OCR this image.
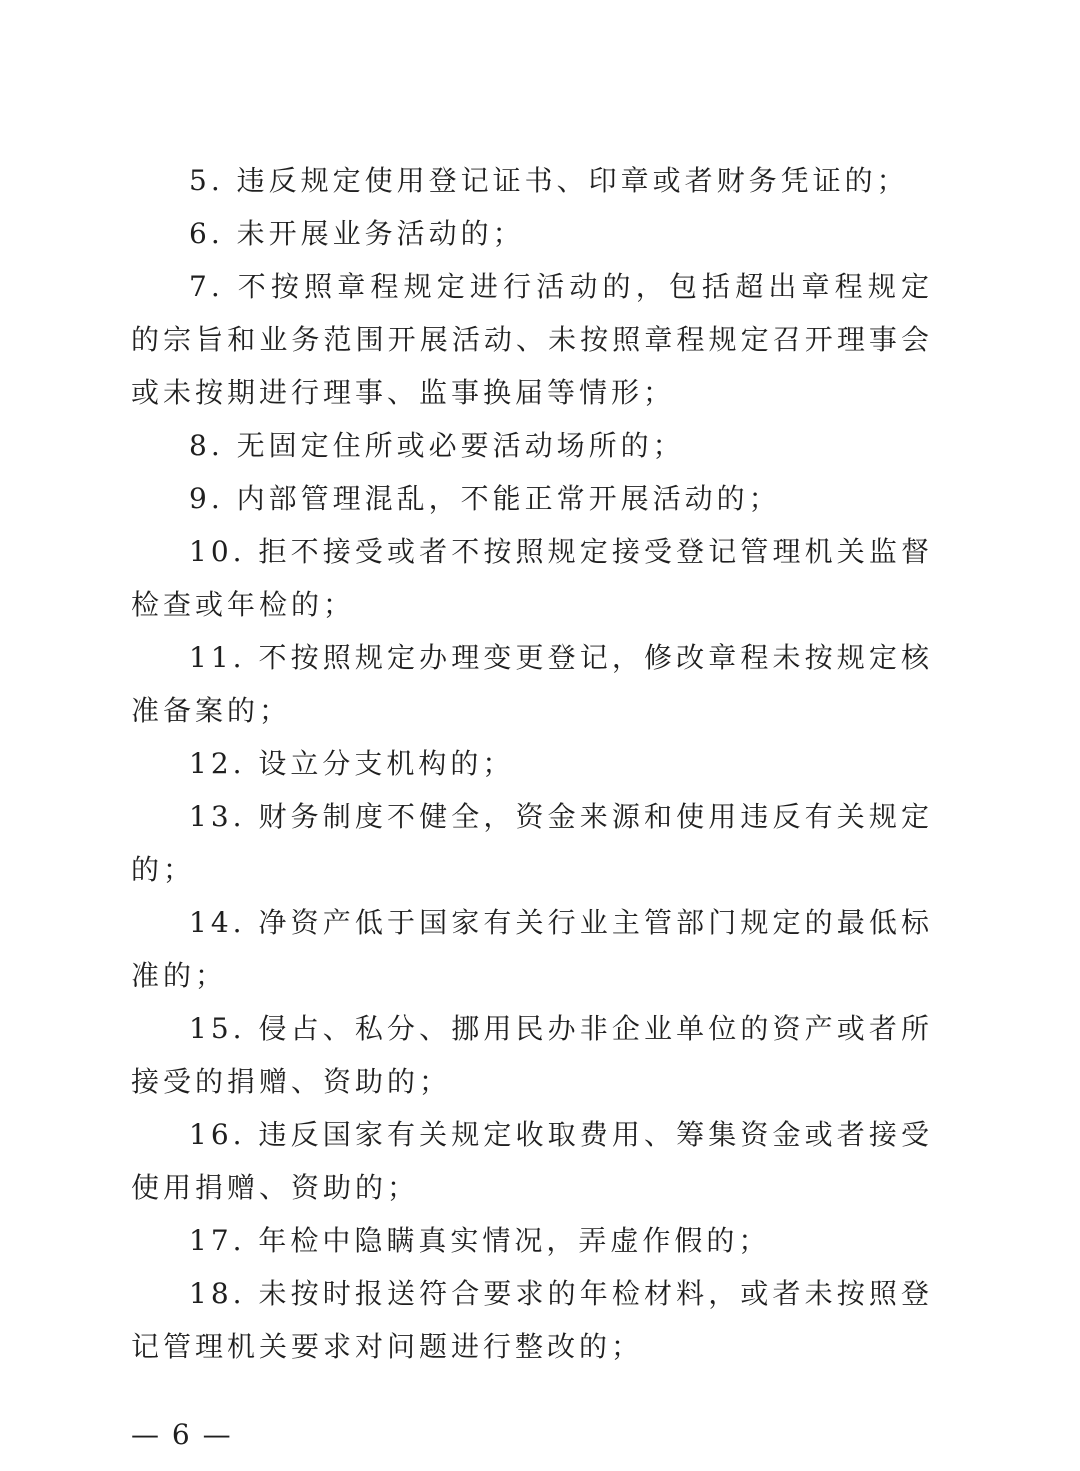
5. 违反规定使用登记证书、印章或者财务凭证的；

6. 未开展业务活动的；

7. 不按照章程规定进行活动的，包括超出章程规定的宗旨和业务范围开展活动、未按照章程规定召开理事会或未按期进行理事、监事换届等情形；

8. 无固定住所或必要活动场所的；

9. 内部管理混乱，不能正常开展活动的；

10. 拒不接受或者不按照规定接受登记管理机关监督检查或年检的；

11. 不按照规定办理变更登记，修改章程未按规定核准备案的；

12. 设立分支机构的；

13. 财务制度不健全，资金来源和使用违反有关规定的；

14. 净资产低于国家有关行业主管部门规定的最低标准的；

15. 侵占、私分、挪用民办非企业单位的资产或者所接受的捐赠、资助的；

16. 违反国家有关规定收取费用、筹集资金或者接受使用捐赠、资助的；

17. 年检中隐瞒真实情况，弄虚作假的；

18. 未按时报送符合要求的年检材料，或者未按照登记管理机关要求对问题进行整改的；

— 6 —
